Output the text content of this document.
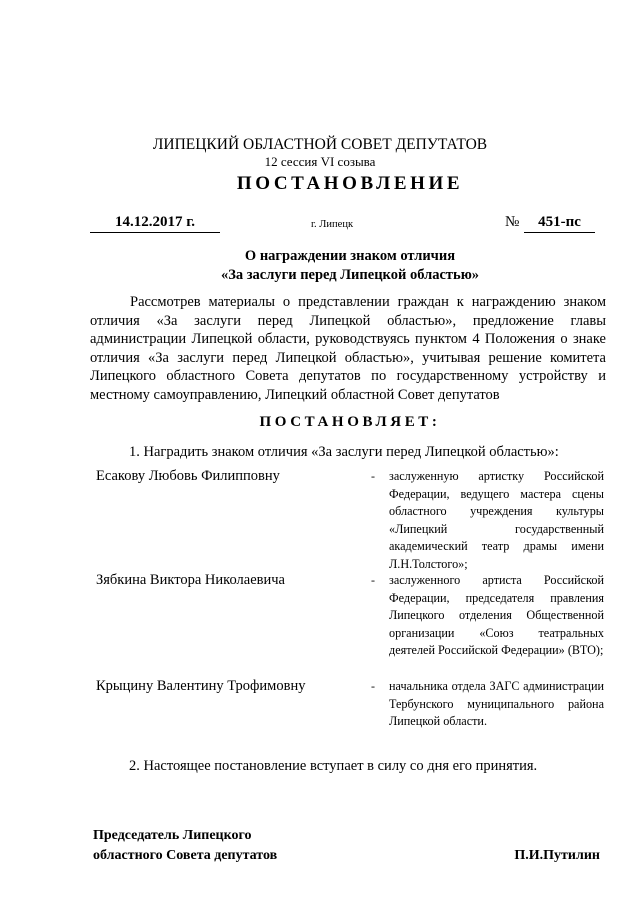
ЛИПЕЦКИЙ ОБЛАСТНОЙ СОВЕТ ДЕПУТАТОВ
12 сессия VI созыва
ПОСТАНОВЛЕНИЕ
14.12.2017 г.	г. Липецк	№	451-пс
О награждении знаком отличия
«За заслуги перед Липецкой областью»
Рассмотрев материалы о представлении граждан к награждению знаком отличия «За заслуги перед Липецкой областью», предложение главы администрации Липецкой области, руководствуясь пунктом 4 Положения о знаке отличия «За заслуги перед Липецкой областью», учитывая решение комитета Липецкого областного Совета депутатов по государственному устройству и местному самоуправлению, Липецкий областной Совет депутатов
ПОСТАНОВЛЯЕТ:
1. Наградить знаком отличия «За заслуги перед Липецкой областью»:
Есакову Любовь Филипповну	-	заслуженную артистку Российской Федерации, ведущего мастера сцены областного учреждения культуры «Липецкий государственный академический театр драмы имени Л.Н.Толстого»;
Зябкина Виктора Николаевича	-	заслуженного артиста Российской Федерации, председателя правления Липецкого отделения Общественной организации «Союз театральных деятелей Российской Федерации» (ВТО);
Крыцину Валентину Трофимовну	-	начальника отдела ЗАГС администрации Тербунского муниципального района Липецкой области.
2. Настоящее постановление вступает в силу со дня его принятия.
Председатель Липецкого
областного Совета депутатов	П.И.Путилин
